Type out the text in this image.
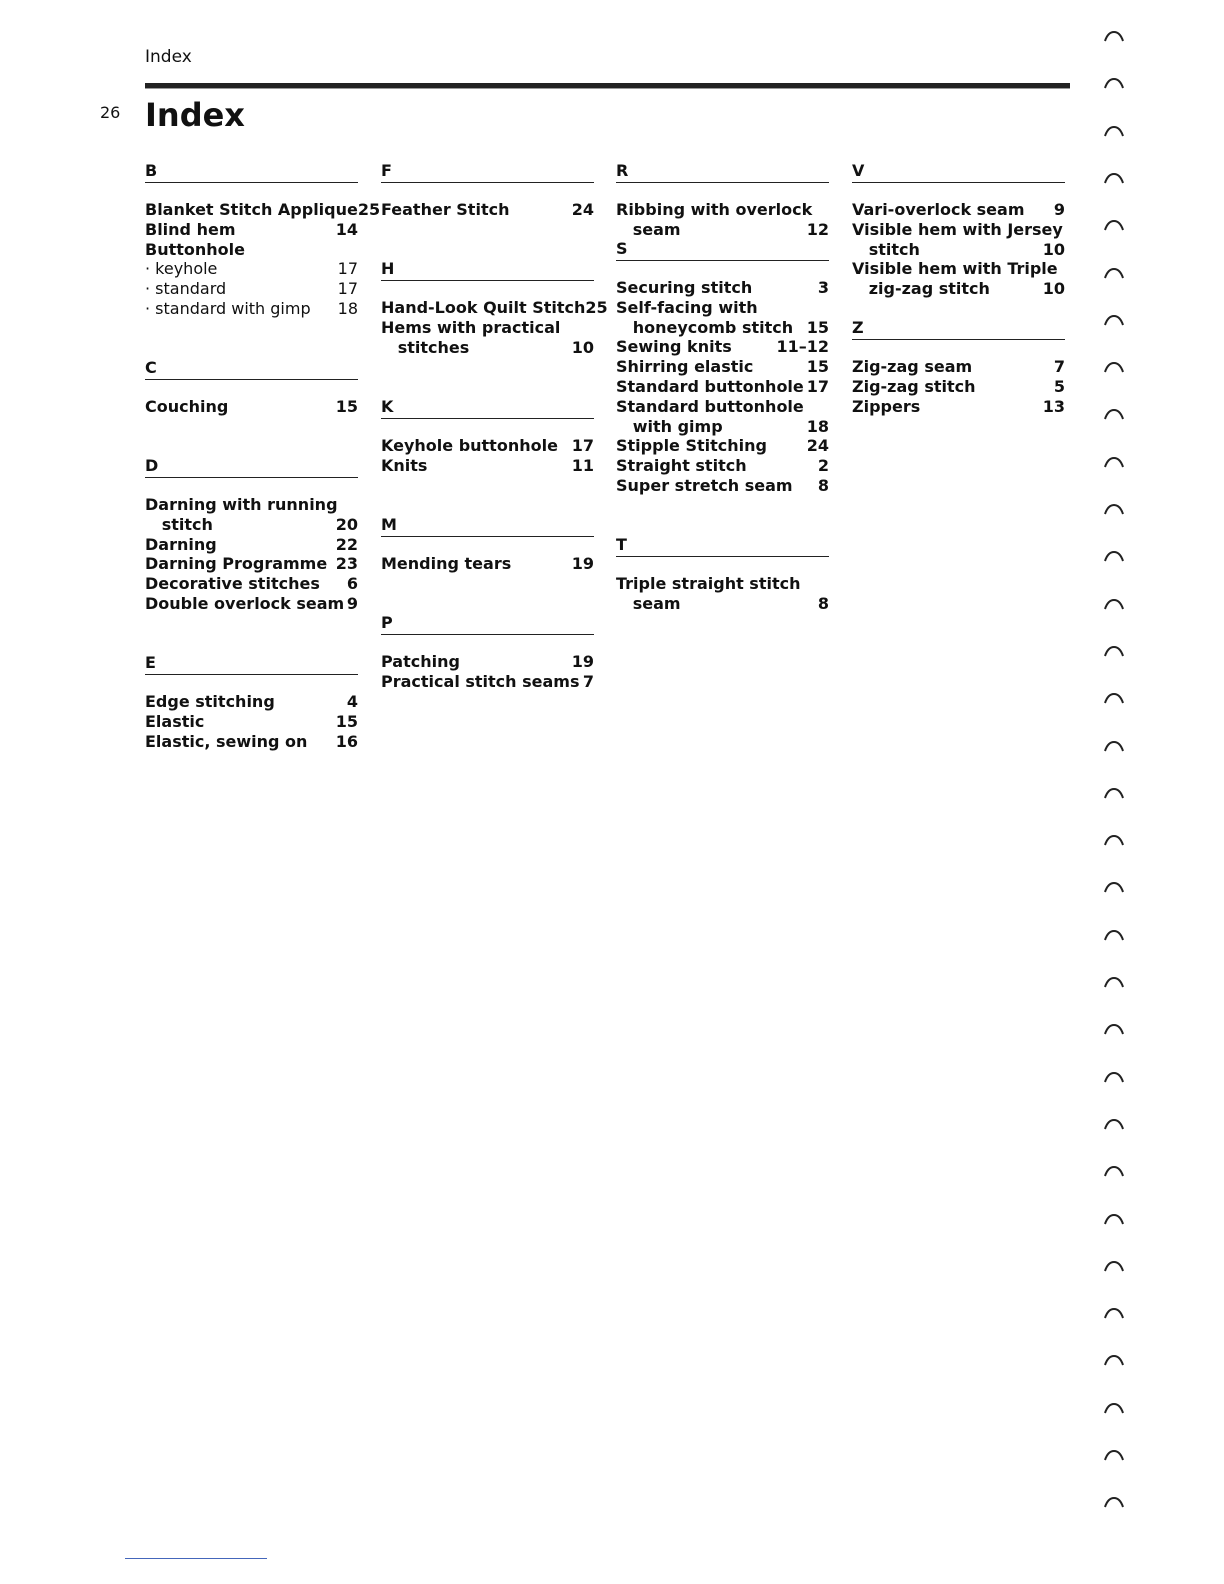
Index
26 Index
B
Blanket Stitch Applique 25
Blind hem	14
Buttonhole
· keyhole	17
· standard	17
· standard with gimp 18
C
Couching	15
D
Darning with running
stitch	20
Darning	22
Darning Programme 23
Decorative stitches 6
Double overlock seam 9
E
Edge stitching	4
Elastic	15
Elastic, sewing on 16
F
Feather Stitch	24
H
Hand-Look Quilt Stitch 25
Hems with practical
stitches	10
K
Keyhole buttonhole 17
Knits	11
M
Mending tears	19
P
Patching	19
Practical stitch seams 7
R
Ribbing with overlock
seam	12
S
Securing stitch	3
Self-facing with
honeycomb stitch 15
Sewing knits	11–12
Shirring elastic	15
Standard buttonhole 17
Standard buttonhole
with gimp	18
Stipple Stitching 24
Straight stitch	2
Super stretch seam 8
T
Triple straight stitch
seam	8
V
Vari-overlock seam 9
Visible hem with Jersey
stitch	10
Visible hem with Triple
zig-zag stitch	10
Z
Zig-zag seam	7
Zig-zag stitch	5
Zippers	13
